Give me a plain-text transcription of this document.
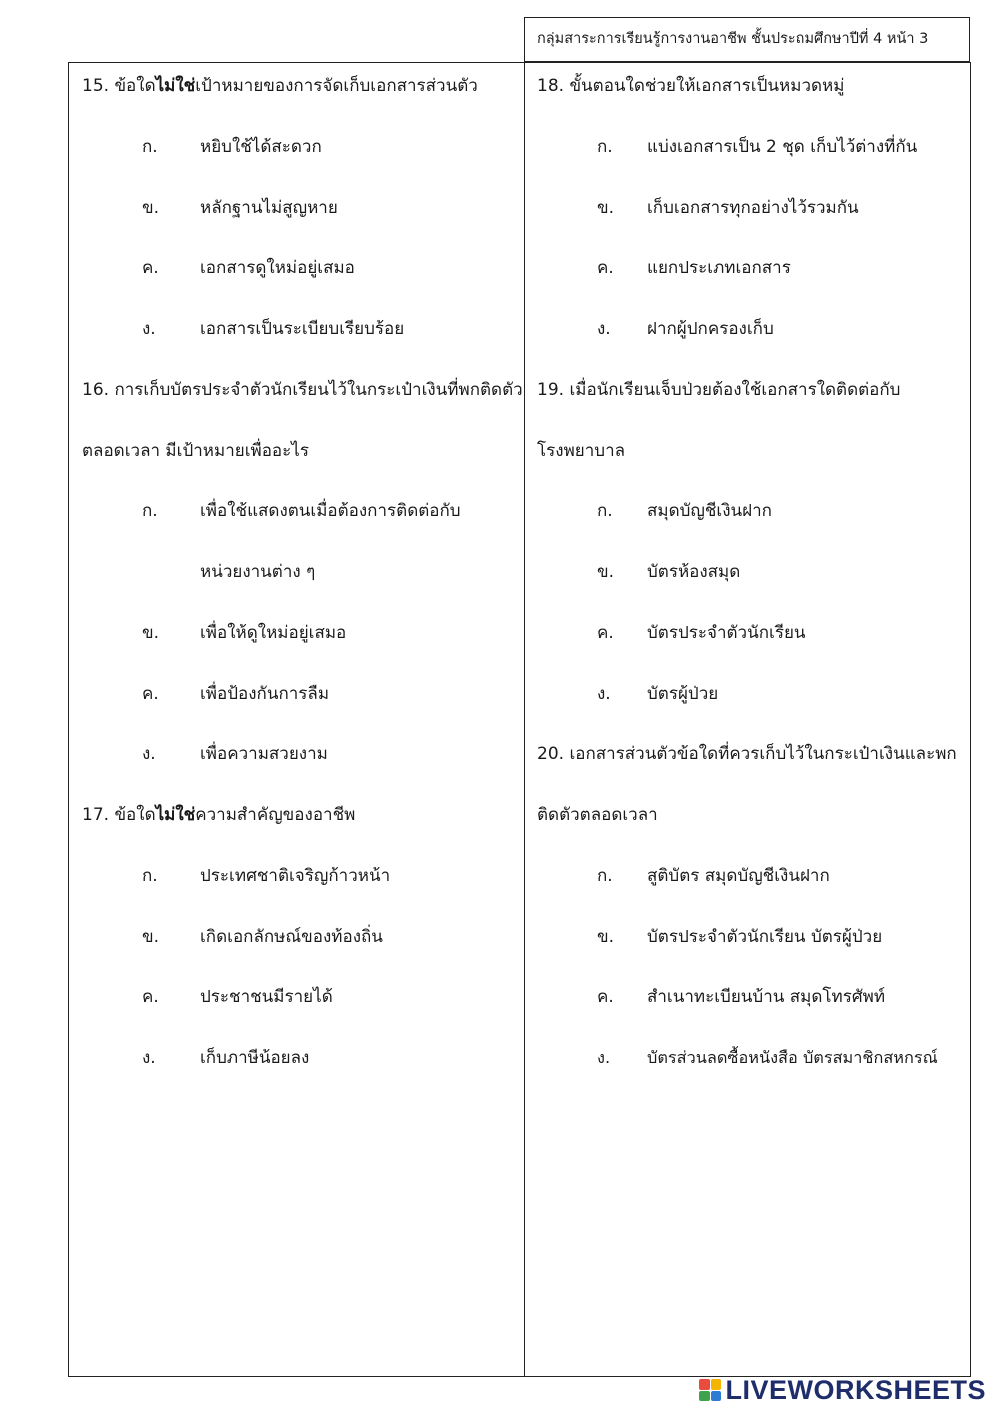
กลุ่มสาระการเรียนรู้การงานอาชีพ ชั้นประถมศึกษาปีที่ 4 หน้า 3
15. ข้อใดไม่ใช่เป้าหมายของการจัดเก็บเอกสารส่วนตัว
ก. หยิบใช้ได้สะดวก
ข. หลักฐานไม่สูญหาย
ค. เอกสารดูใหม่อยู่เสมอ
ง.	เอกสารเป็นระเบียบเรียบร้อย
16. การเก็บบัตรประจำตัวนักเรียนไว้ในกระเป๋าเงินที่พกติดตัว
ตลอดเวลา มีเป้าหมายเพื่ออะไร
ก. เพื่อใช้แสดงตนเมื่อต้องการติดต่อกับ
หน่วยงานต่าง ๆ
ข. เพื่อให้ดูใหม่อยู่เสมอ
ค. เพื่อป้องกันการลืม
ง.	เพื่อความสวยงาม
17. ข้อใดไม่ใช่ความสำคัญของอาชีพ
ก. ประเทศชาติเจริญก้าวหน้า
ข. เกิดเอกลักษณ์ของท้องถิ่น
ค. ประชาชนมีรายได้
ง.	เก็บภาษีน้อยลง
18. ขั้นตอนใดช่วยให้เอกสารเป็นหมวดหมู่
ก. แบ่งเอกสารเป็น 2 ชุด เก็บไว้ต่างที่กัน
ข. เก็บเอกสารทุกอย่างไว้รวมกัน
ค. แยกประเภทเอกสาร
ง. ฝากผู้ปกครองเก็บ
19. เมื่อนักเรียนเจ็บป่วยต้องใช้เอกสารใดติดต่อกับ
โรงพยาบาล
ก. สมุดบัญชีเงินฝาก
ข. บัตรห้องสมุด
ค. บัตรประจำตัวนักเรียน
ง. บัตรผู้ป่วย
20. เอกสารส่วนตัวข้อใดที่ควรเก็บไว้ในกระเป๋าเงินและพก
ติดตัวตลอดเวลา
ก. สูติบัตร สมุดบัญชีเงินฝาก
ข. บัตรประจำตัวนักเรียน บัตรผู้ป่วย
ค. สำเนาทะเบียนบ้าน สมุดโทรศัพท์
ง. บัตรส่วนลดซื้อหนังสือ บัตรสมาชิกสหกรณ์
LIVEWORKSHEETS
